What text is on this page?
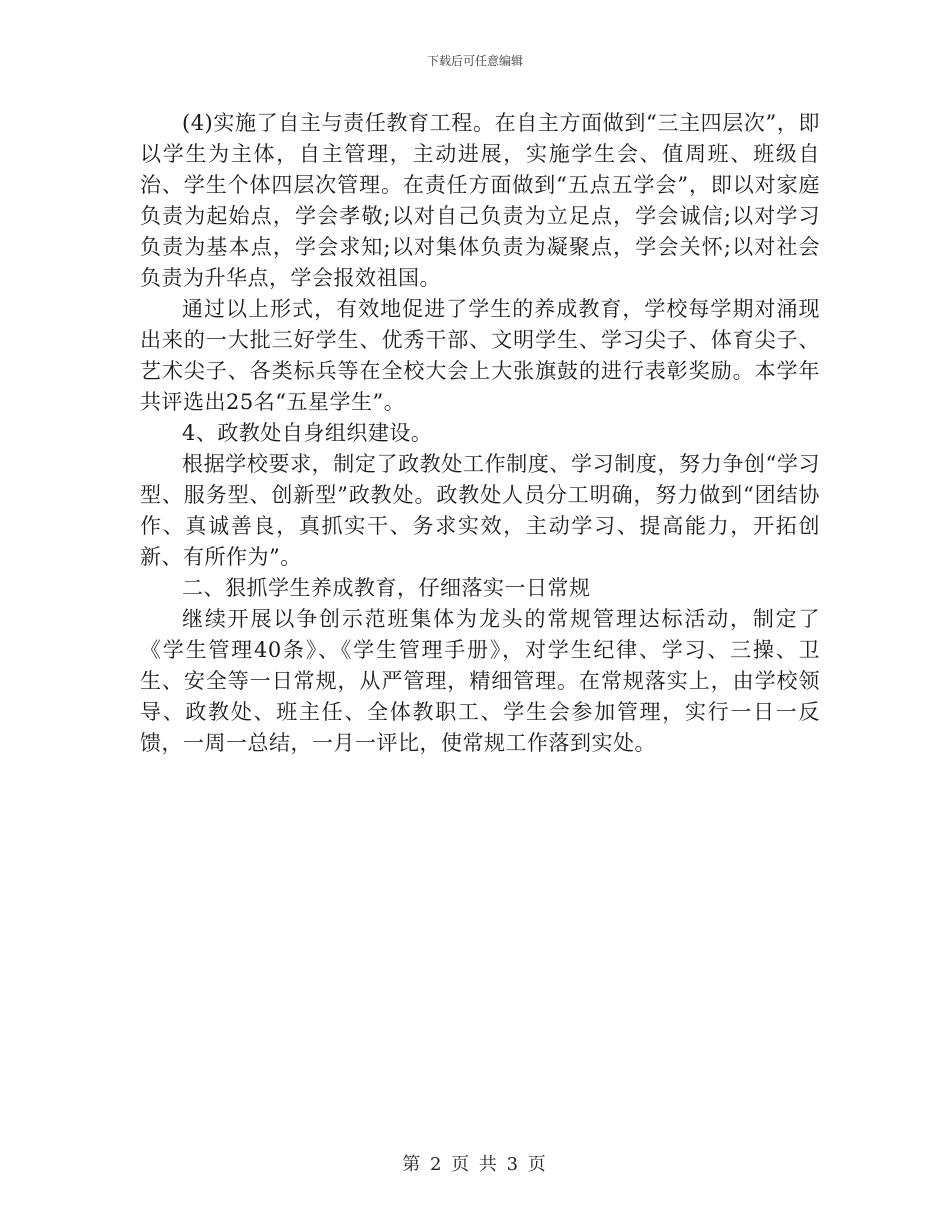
下载后可任意编辑

(4)实施了自主与责任教育工程。在自主方面做到“三主四层次”，即以学生为主体，自主管理，主动进展，实施学生会、值周班、班级自治、学生个体四层次管理。在责任方面做到“五点五学会”，即以对家庭负责为起始点，学会孝敬;以对自己负责为立足点，学会诚信;以对学习负责为基本点，学会求知;以对集体负责为凝聚点，学会关怀;以对社会负责为升华点，学会报效祖国。

通过以上形式，有效地促进了学生的养成教育，学校每学期对涌现出来的一大批三好学生、优秀干部、文明学生、学习尖子、体育尖子、艺术尖子、各类标兵等在全校大会上大张旗鼓的进行表彰奖励。本学年共评选出25名“五星学生”。

4、政教处自身组织建设。

根据学校要求，制定了政教处工作制度、学习制度，努力争创“学习型、服务型、创新型”政教处。政教处人员分工明确，努力做到“团结协作、真诚善良，真抓实干、务求实效，主动学习、提高能力，开拓创新、有所作为”。

二、狠抓学生养成教育，仔细落实一日常规

继续开展以争创示范班集体为龙头的常规管理达标活动，制定了《学生管理40条》、《学生管理手册》，对学生纪律、学习、三操、卫生、安全等一日常规，从严管理，精细管理。在常规落实上，由学校领导、政教处、班主任、全体教职工、学生会参加管理，实行一日一反馈，一周一总结，一月一评比，使常规工作落到实处。

第 2 页 共 3 页
